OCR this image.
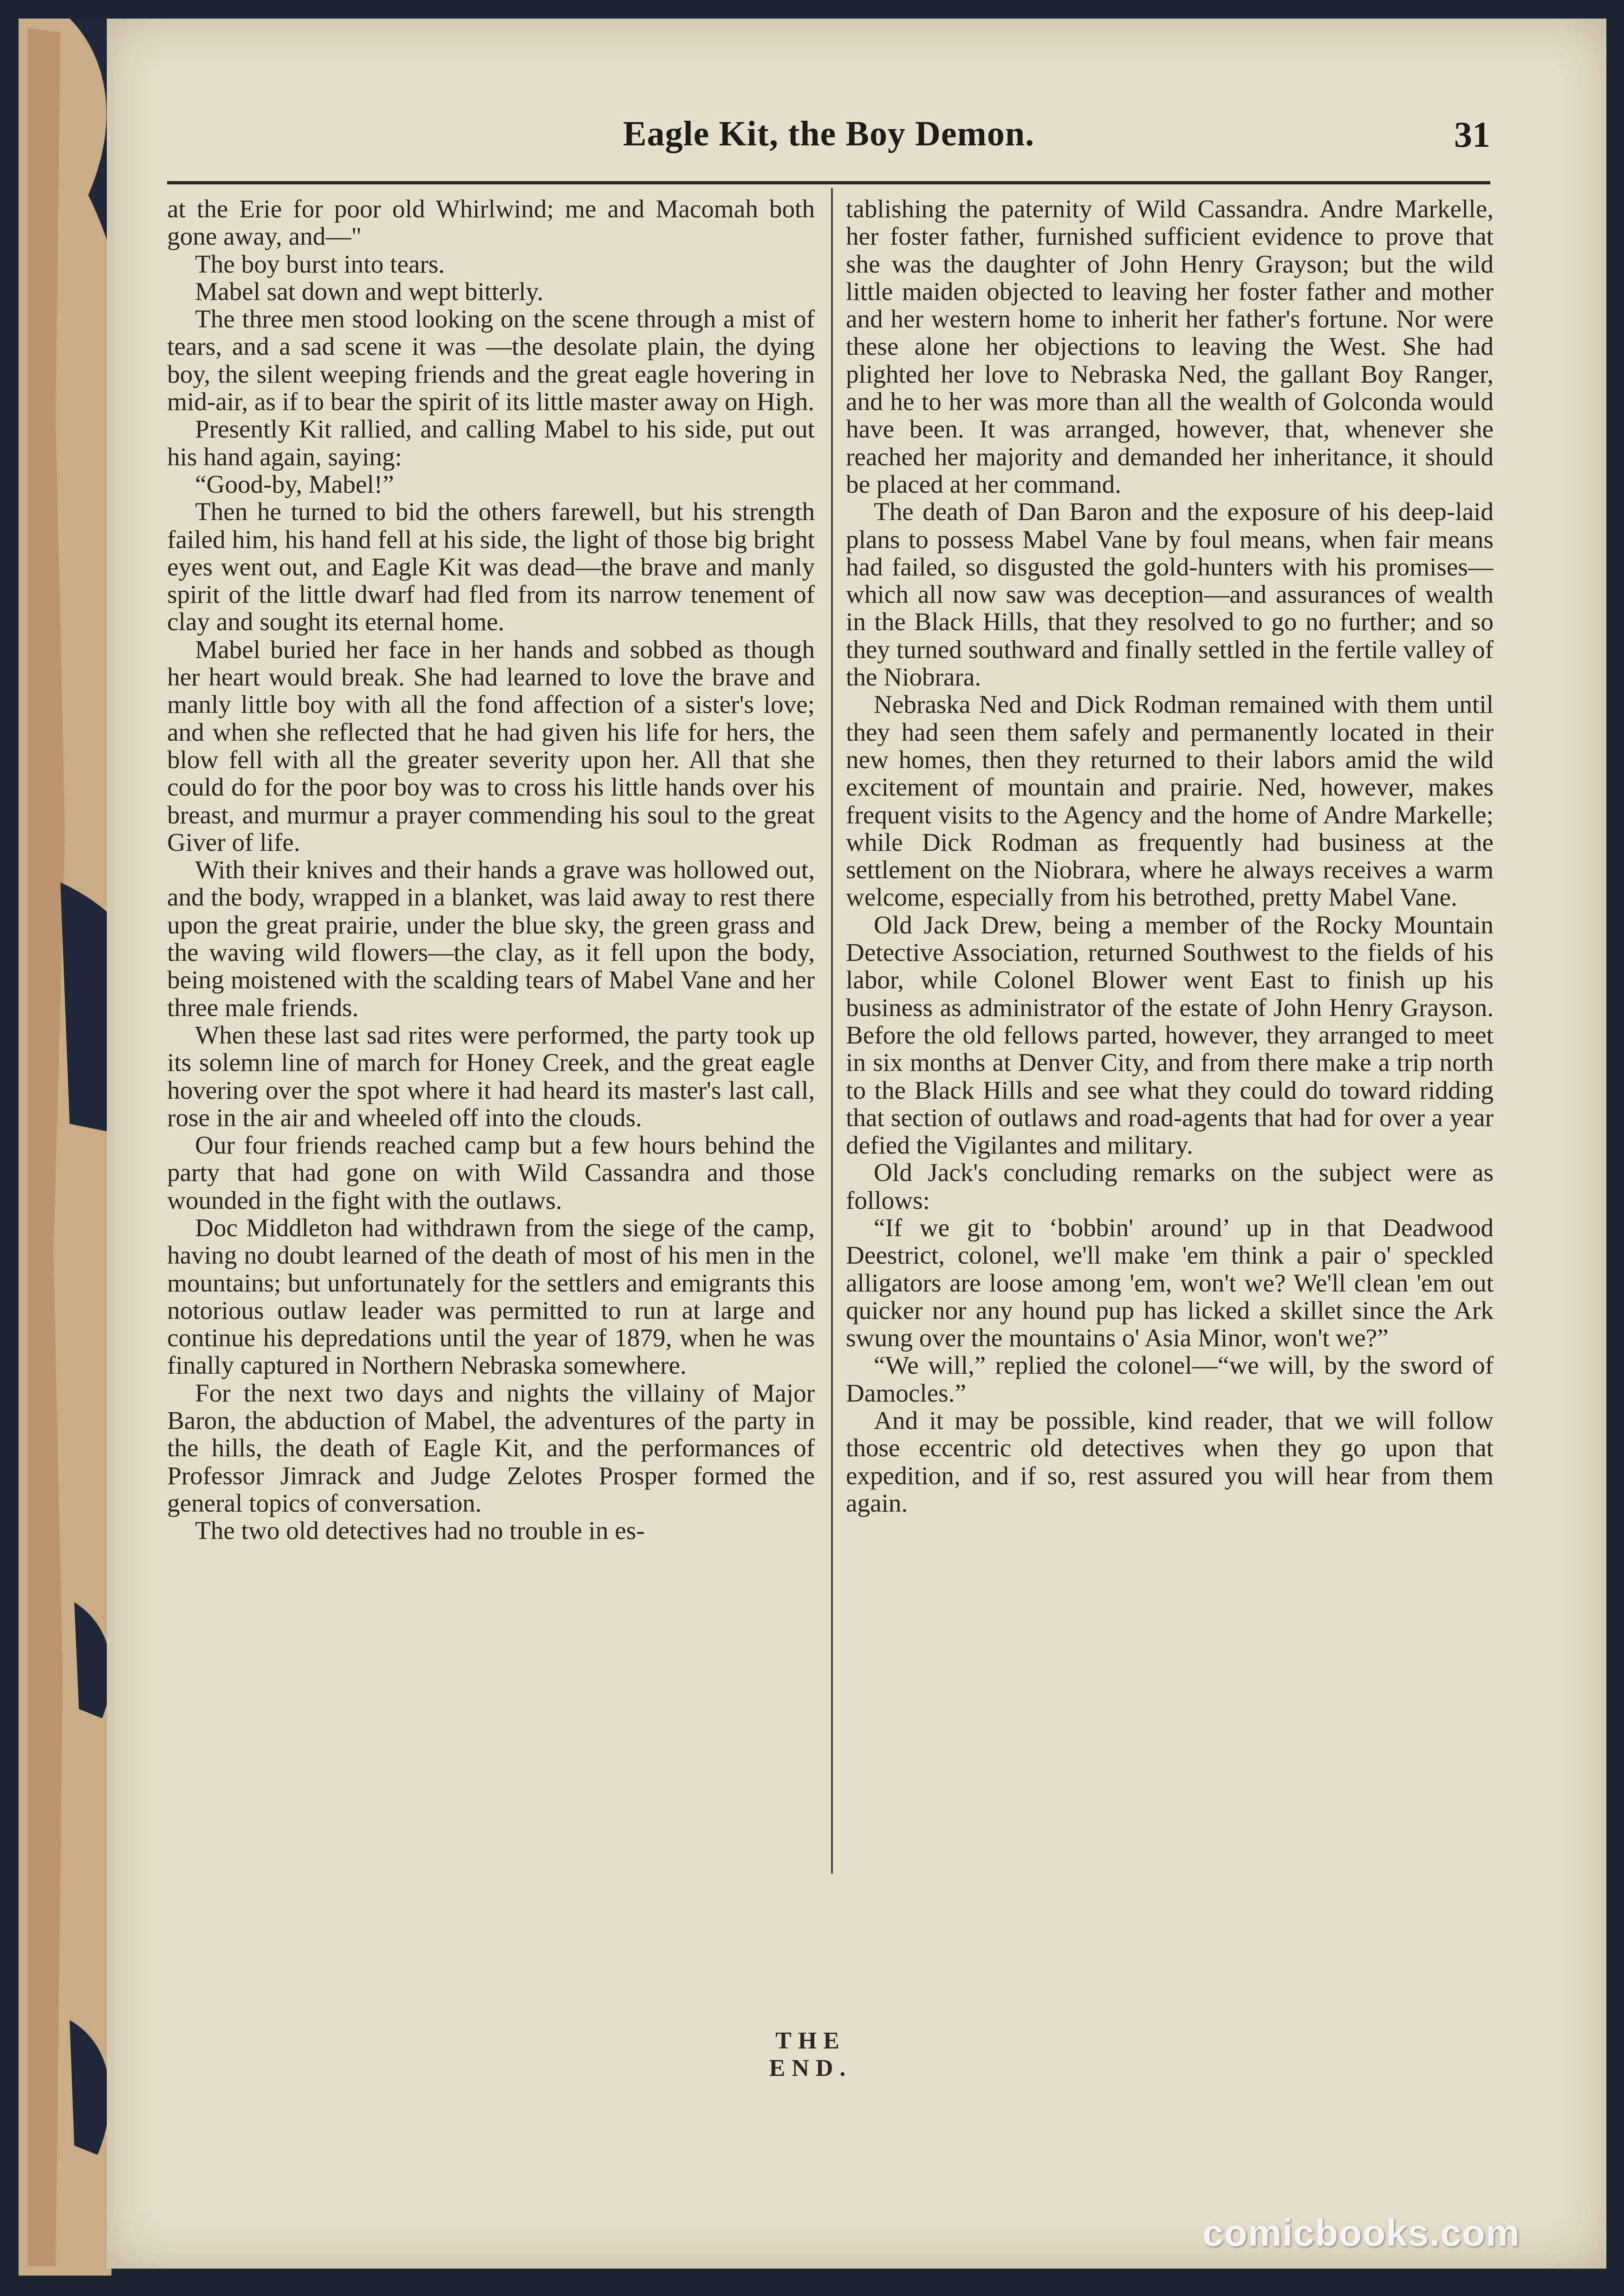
Eagle Kit, the Boy Demon.	31

at the Erie for poor old Whirlwind; me and Macomah both gone away, and—"

The boy burst into tears.

Mabel sat down and wept bitterly.

The three men stood looking on the scene through a mist of tears, and a sad scene it was —the desolate plain, the dying boy, the silent weeping friends and the great eagle hovering in mid-air, as if to bear the spirit of its little master away on High.

Presently Kit rallied, and calling Mabel to his side, put out his hand again, saying:

“Good-by, Mabel!”

Then he turned to bid the others farewell, but his strength failed him, his hand fell at his side, the light of those big bright eyes went out, and Eagle Kit was dead—the brave and manly spirit of the little dwarf had fled from its narrow tenement of clay and sought its eternal home.

Mabel buried her face in her hands and sobbed as though her heart would break. She had learned to love the brave and manly little boy with all the fond affection of a sister's love; and when she reflected that he had given his life for hers, the blow fell with all the greater severity upon her. All that she could do for the poor boy was to cross his little hands over his breast, and murmur a prayer commending his soul to the great Giver of life.

With their knives and their hands a grave was hollowed out, and the body, wrapped in a blanket, was laid away to rest there upon the great prairie, under the blue sky, the green grass and the waving wild flowers—the clay, as it fell upon the body, being moistened with the scalding tears of Mabel Vane and her three male friends.

When these last sad rites were performed, the party took up its solemn line of march for Honey Creek, and the great eagle hovering over the spot where it had heard its master's last call, rose in the air and wheeled off into the clouds.

Our four friends reached camp but a few hours behind the party that had gone on with Wild Cassandra and those wounded in the fight with the outlaws.

Doc Middleton had withdrawn from the siege of the camp, having no doubt learned of the death of most of his men in the mountains; but unfortunately for the settlers and emigrants this notorious outlaw leader was permitted to run at large and continue his depredations until the year of 1879, when he was finally captured in Northern Nebraska somewhere.

For the next two days and nights the villainy of Major Baron, the abduction of Mabel, the adventures of the party in the hills, the death of Eagle Kit, and the performances of Professor Jimrack and Judge Zelotes Prosper formed the general topics of conversation.

The two old detectives had no trouble in es-

tablishing the paternity of Wild Cassandra. Andre Markelle, her foster father, furnished sufficient evidence to prove that she was the daughter of John Henry Grayson; but the wild little maiden objected to leaving her foster father and mother and her western home to inherit her father's fortune. Nor were these alone her objections to leaving the West. She had plighted her love to Nebraska Ned, the gallant Boy Ranger, and he to her was more than all the wealth of Golconda would have been. It was arranged, however, that, whenever she reached her majority and demanded her inheritance, it should be placed at her command.

The death of Dan Baron and the exposure of his deep-laid plans to possess Mabel Vane by foul means, when fair means had failed, so disgusted the gold-hunters with his promises—which all now saw was deception—and assurances of wealth in the Black Hills, that they resolved to go no further; and so they turned southward and finally settled in the fertile valley of the Niobrara.

Nebraska Ned and Dick Rodman remained with them until they had seen them safely and permanently located in their new homes, then they returned to their labors amid the wild excitement of mountain and prairie. Ned, however, makes frequent visits to the Agency and the home of Andre Markelle; while Dick Rodman as frequently had business at the settlement on the Niobrara, where he always receives a warm welcome, especially from his betrothed, pretty Mabel Vane.

Old Jack Drew, being a member of the Rocky Mountain Detective Association, returned Southwest to the fields of his labor, while Colonel Blower went East to finish up his business as administrator of the estate of John Henry Grayson. Before the old fellows parted, however, they arranged to meet in six months at Denver City, and from there make a trip north to the Black Hills and see what they could do toward ridding that section of outlaws and road-agents that had for over a year defied the Vigilantes and military.

Old Jack's concluding remarks on the subject were as follows:

“If we git to ‘bobbin' around’ up in that Deadwood Deestrict, colonel, we'll make 'em think a pair o' speckled alligators are loose among 'em, won't we? We'll clean 'em out quicker nor any hound pup has licked a skillet since the Ark swung over the mountains o' Asia Minor, won't we?”

“We will,” replied the colonel—“we will, by the sword of Damocles.”

And it may be possible, kind reader, that we will follow those eccentric old detectives when they go upon that expedition, and if so, rest assured you will hear from them again.

THE END.
comicbooks.com
